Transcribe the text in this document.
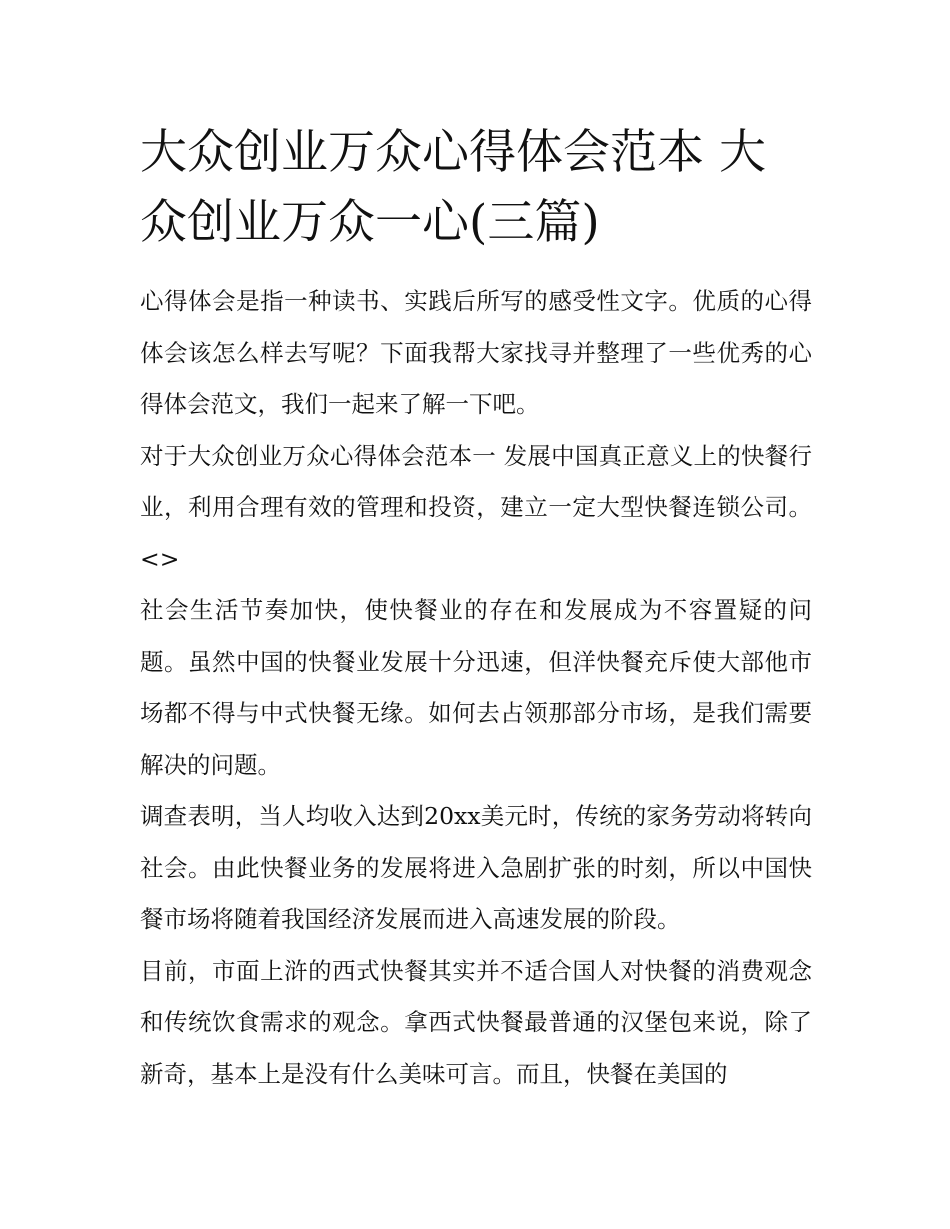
大众创业万众心得体会范本 大众创业万众一心(三篇)

心得体会是指一种读书、实践后所写的感受性文字。优质的心得体会该怎么样去写呢？下面我帮大家找寻并整理了一些优秀的心得体会范文，我们一起来了解一下吧。

对于大众创业万众心得体会范本一 发展中国真正意义上的快餐行业，利用合理有效的管理和投资，建立一定大型快餐连锁公司。 <>

社会生活节奏加快，使快餐业的存在和发展成为不容置疑的问题。虽然中国的快餐业发展十分迅速，但洋快餐充斥使大部他市场都不得与中式快餐无缘。如何去占领那部分市场，是我们需要解决的问题。

调查表明，当人均收入达到20xx美元时，传统的家务劳动将转向社会。由此快餐业务的发展将进入急剧扩张的时刻，所以中国快餐市场将随着我国经济发展而进入高速发展的阶段。

目前，市面上浒的西式快餐其实并不适合国人对快餐的消费观念和传统饮食需求的观念。拿西式快餐最普通的汉堡包来说，除了新奇，基本上是没有什么美味可言。而且，快餐在美国的
